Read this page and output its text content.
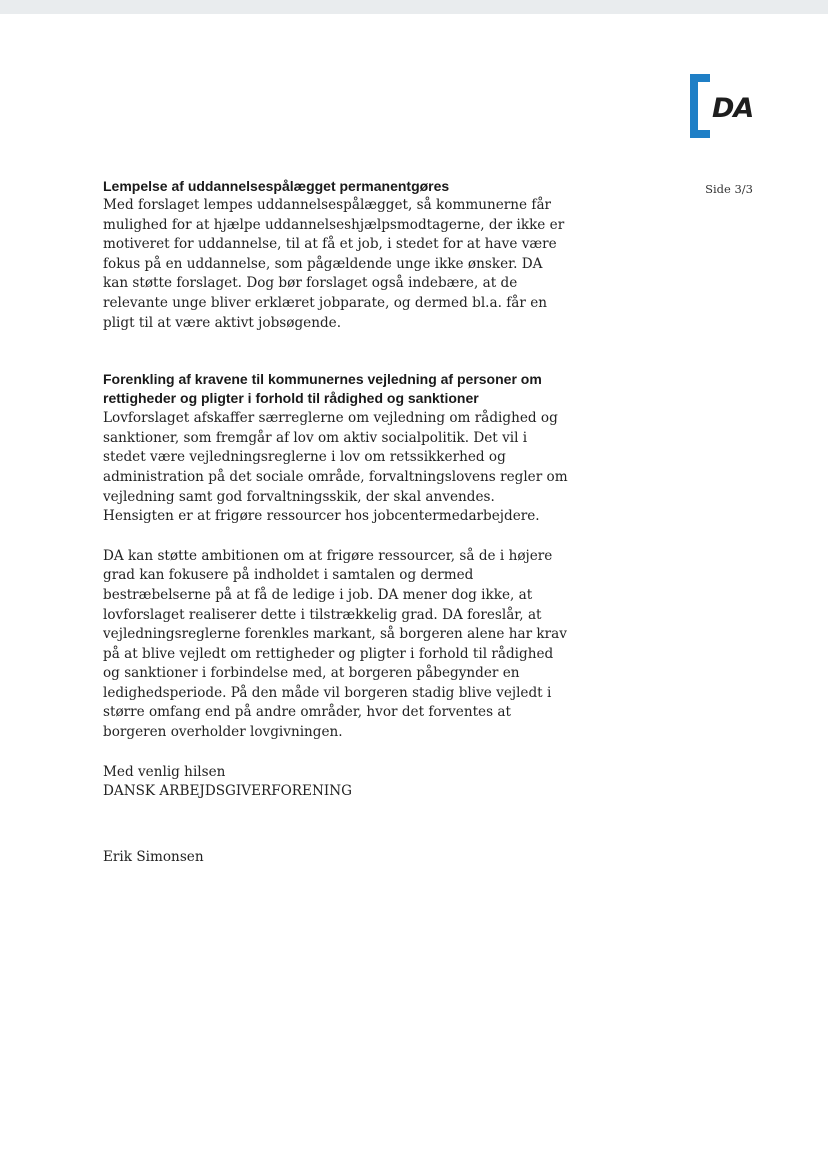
DA
Side 3/3
Lempelse af uddannelsespålægget permanentgøres

Med forslaget lempes uddannelsespålægget, så kommunerne får mulighed for at hjælpe uddannelseshjælpsmodtagerne, der ikke er motiveret for uddannelse, til at få et job, i stedet for at have være fokus på en uddannelse, som pågældende unge ikke ønsker. DA kan støtte forslaget. Dog bør forslaget også indebære, at de relevante unge bliver erklæret jobparate, og dermed bl.a. får en pligt til at være aktivt jobsøgende.

Forenkling af kravene til kommunernes vejledning af personer om rettigheder og pligter i forhold til rådighed og sanktioner

Lovforslaget afskaffer særreglerne om vejledning om rådighed og sanktioner, som fremgår af lov om aktiv socialpolitik. Det vil i stedet være vejledningsreglerne i lov om retssikkerhed og administration på det sociale område, forvaltningslovens regler om vejledning samt god forvaltningsskik, der skal anvendes. Hensigten er at frigøre ressourcer hos jobcentermedarbejdere.

DA kan støtte ambitionen om at frigøre ressourcer, så de i højere grad kan fokusere på indholdet i samtalen og dermed bestræbelserne på at få de ledige i job. DA mener dog ikke, at lovforslaget realiserer dette i tilstrækkelig grad. DA foreslår, at vejledningsreglerne forenkles markant, så borgeren alene har krav på at blive vejledt om rettigheder og pligter i forhold til rådighed og sanktioner i forbindelse med, at borgeren påbegynder en ledighedsperiode. På den måde vil borgeren stadig blive vejledt i større omfang end på andre områder, hvor det forventes at borgeren overholder lovgivningen.

Med venlig hilsen

DANSK ARBEJDSGIVERFORENING

Erik Simonsen
